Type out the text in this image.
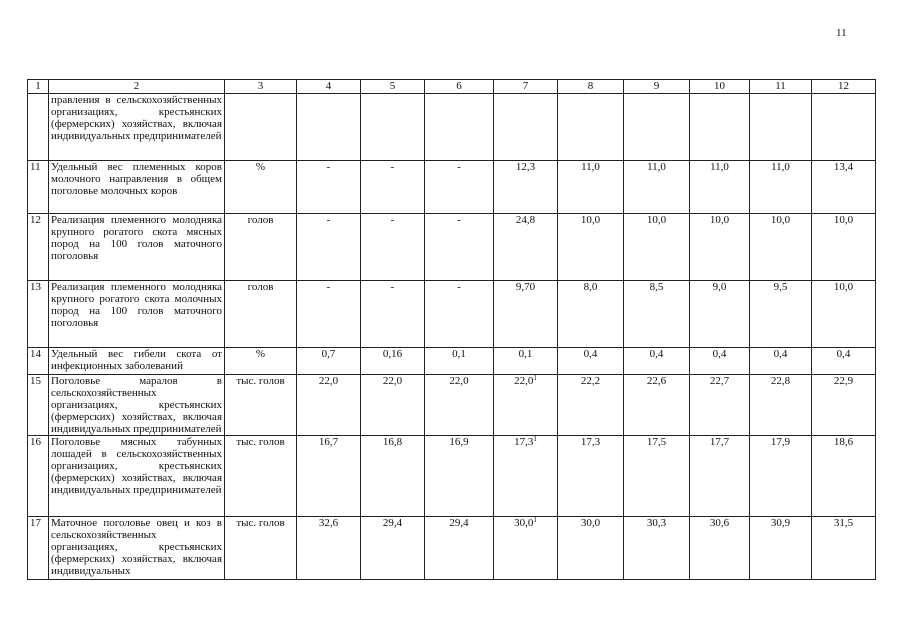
11
1	2	3	4	5	6	7	8	9	10	11	12
	правления в сельскохозяйственных организациях, крестьянских (фермерских) хозяйствах, включая индивидуальных предпринимателей										
11	Удельный вес племенных коров молочного направления в общем поголовье молочных коров	%	-	-	-	12,3	11,0	11,0	11,0	11,0	13,4
12	Реализация племенного молодняка крупного рогатого скота мясных пород на 100 голов маточного поголовья	голов	-	-	-	24,8	10,0	10,0	10,0	10,0	10,0
13	Реализация племенного молодняка крупного рогатого скота молочных пород на 100 голов маточного поголовья	голов	-	-	-	9,70	8,0	8,5	9,0	9,5	10,0
14	Удельный вес гибели скота от инфекционных заболеваний	%	0,7	0,16	0,1	0,1	0,4	0,4	0,4	0,4	0,4
15	Поголовье маралов в сельскохозяйственных организациях, крестьянских (фермерских) хозяйствах, включая индивидуальных предпринимателей	тыс. голов	22,0	22,0	22,0	22,0$^1$	22,2	22,6	22,7	22,8	22,9
16	Поголовье мясных табунных лошадей в сельскохозяйственных организациях, крестьянских (фермерских) хозяйствах, включая индивидуальных предпринимателей	тыс. голов	16,7	16,8	16,9	17,3$^1$	17,3	17,5	17,7	17,9	18,6
17	Маточное поголовье овец и коз в сельскохозяйственных организациях, крестьянских (фермерских) хозяйствах, включая индивидуальных	тыс. голов	32,6	29,4	29,4	30,0$^1$	30,0	30,3	30,6	30,9	31,5
